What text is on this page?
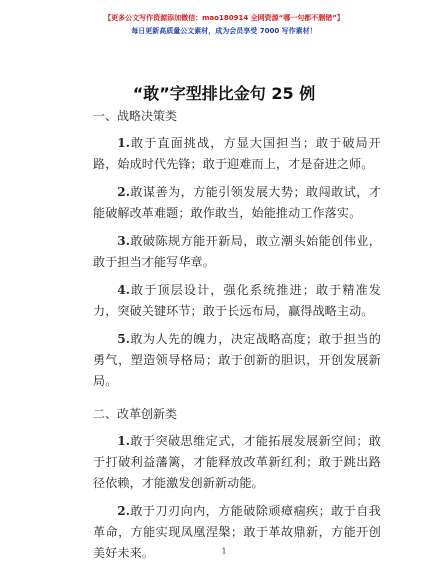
【更多公文写作资源添加微信：mao180914 全网资源“哪一句都不删错”】
每日更新高质量公文素材，成为会员享受 7000 写作素材！
“敢”字型排比金句 25 例
一、战略决策类

1.敢于直面挑战，方显大国担当；敢于破局开路，始成时代先锋；敢于迎难而上，才是奋进之师。

2.敢谋善为，方能引领发展大势；敢闯敢试，才能破解改革难题；敢作敢当，始能推动工作落实。

3.敢破陈规方能开新局，敢立潮头始能创伟业，敢于担当才能写华章。

4.敢于顶层设计，强化系统推进；敢于精准发力，突破关键环节；敢于长远布局，赢得战略主动。

5.敢为人先的魄力，决定战略高度；敢于担当的勇气，塑造领导格局；敢于创新的胆识，开创发展新局。

二、改革创新类

1.敢于突破思维定式，才能拓展发展新空间；敢于打破利益藩篱，才能释放改革新红利；敢于跳出路径依赖，才能激发创新新动能。

2.敢于刀刃向内，方能破除顽瘴痼疾；敢于自我革命，方能实现凤凰涅槃；敢于革故鼎新，方能开创美好未来。	1
